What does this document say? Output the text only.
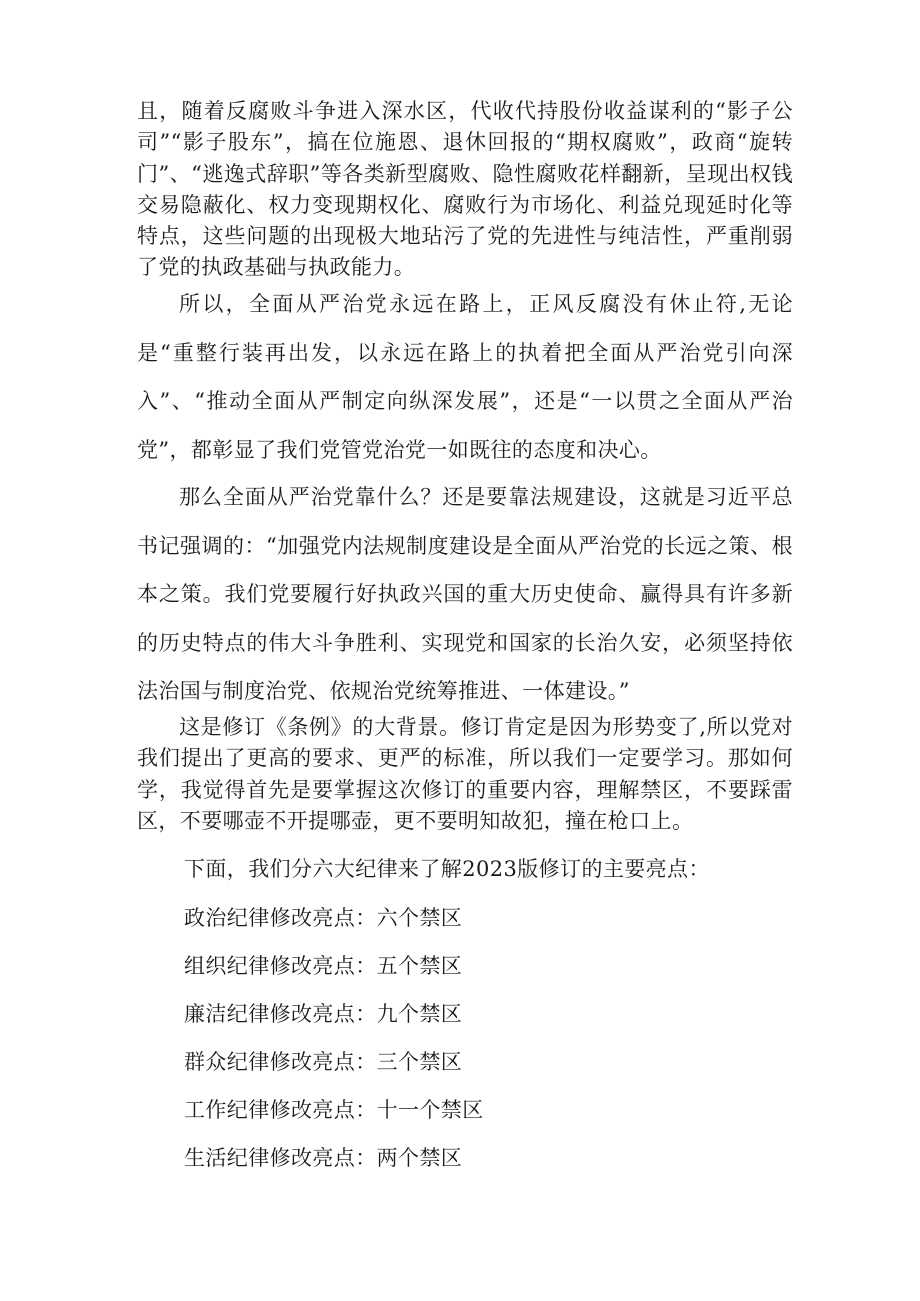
且，随着反腐败斗争进入深水区，代收代持股份收益谋利的“影子公司”“影子股东”，搞在位施恩、退休回报的“期权腐败”，政商“旋转门”、“逃逸式辞职”等各类新型腐败、隐性腐败花样翻新，呈现出权钱交易隐蔽化、权力变现期权化、腐败行为市场化、利益兑现延时化等特点，这些问题的出现极大地玷污了党的先进性与纯洁性，严重削弱了党的执政基础与执政能力。

所以，全面从严治党永远在路上，正风反腐没有休止符,无论是“重整行装再出发，以永远在路上的执着把全面从严治党引向深入”、“推动全面从严制定向纵深发展”，还是“一以贯之全面从严治党”，都彰显了我们党管党治党一如既往的态度和决心。

那么全面从严治党靠什么？还是要靠法规建设，这就是习近平总书记强调的：“加强党内法规制度建设是全面从严治党的长远之策、根本之策。我们党要履行好执政兴国的重大历史使命、赢得具有许多新的历史特点的伟大斗争胜利、实现党和国家的长治久安，必须坚持依法治国与制度治党、依规治党统筹推进、一体建设。”

这是修订《条例》的大背景。修订肯定是因为形势变了,所以党对我们提出了更高的要求、更严的标准，所以我们一定要学习。那如何学，我觉得首先是要掌握这次修订的重要内容，理解禁区，不要踩雷区，不要哪壶不开提哪壶，更不要明知故犯，撞在枪口上。

下面，我们分六大纪律来了解2023版修订的主要亮点：

政治纪律修改亮点：六个禁区

组织纪律修改亮点：五个禁区

廉洁纪律修改亮点：九个禁区

群众纪律修改亮点：三个禁区

工作纪律修改亮点：十一个禁区

生活纪律修改亮点：两个禁区
